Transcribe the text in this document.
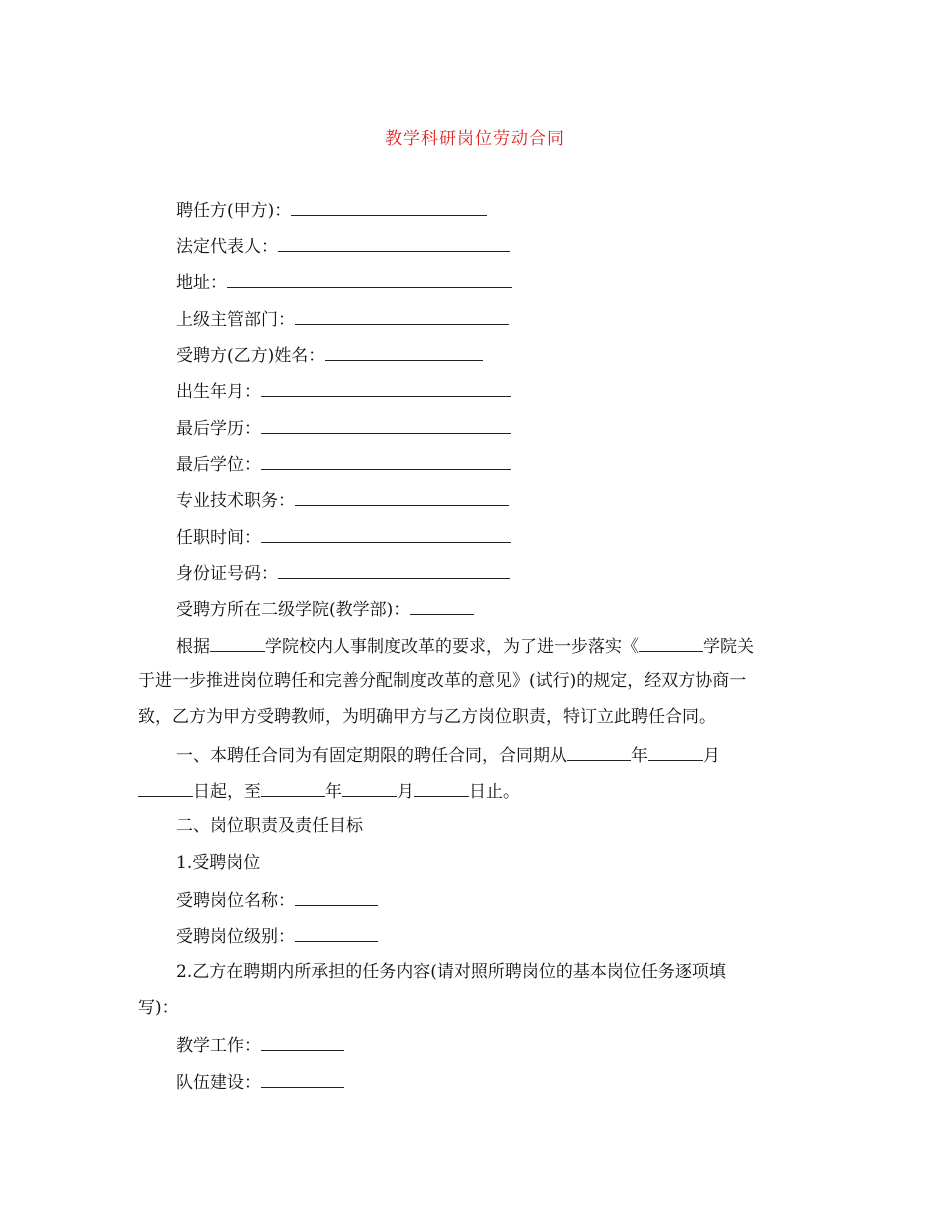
教学科研岗位劳动合同
聘任方(甲方)：
法定代表人：
地址：
上级主管部门：
受聘方(乙方)姓名：
出生年月：
最后学历：
最后学位：
专业技术职务：
任职时间：
身份证号码：
受聘方所在二级学院(教学部)：
根据	学院校内人事制度改革的要求，为了进一步落实《	学院关
于进一步推进岗位聘任和完善分配制度改革的意见》(试行)的规定，经双方协商一
致，乙方为甲方受聘教师，为明确甲方与乙方岗位职责，特订立此聘任合同。
一、本聘任合同为有固定期限的聘任合同，合同期从	年	月
日起，至	年	月	日止。
二、岗位职责及责任目标
1.受聘岗位
受聘岗位名称：
受聘岗位级别：
2.乙方在聘期内所承担的任务内容(请对照所聘岗位的基本岗位任务逐项填
写)：
教学工作：
队伍建设：
